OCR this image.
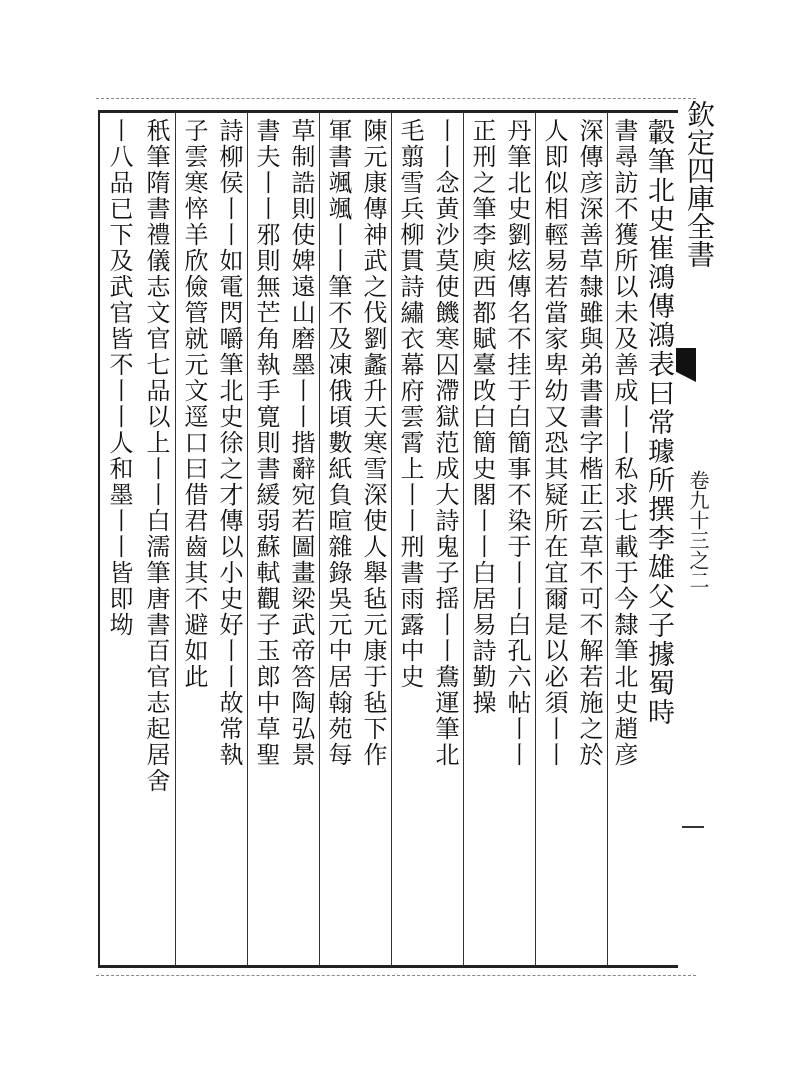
欽定四庫全書
卷九十三之二
轂筆北史崔鴻傳鴻表曰常璩所撰李雄父子據蜀時
書尋訪不獲所以未及善成丨丨私求七載于今隸筆北史趙彦
深傳彦深善草隸雖與弟書書字楷正云草不可不解若施之於
人即似相輕易若當家卑幼又恐其疑所在宜爾是以必須丨丨
丹筆北史劉炫傳名不挂于白簡事不染于丨丨白孔六帖丨丨
正刑之筆李庾西都賦臺攺白簡史閣丨丨白居易詩勤操
丨丨念黄沙莫使饑寒囚滯獄范成大詩鬼子揺丨丨鴦運筆北
毛翦雪兵柳貫詩繡衣幕府雲霄上丨丨刑書雨露中史
陳元康傳神武之伐劉蠡升天寒雪深使人舉毡元康于毡下作
軍書颯颯丨丨筆不及凍俄頃數紙負暄雜錄吳元中居翰苑每
草制誥則使婢遠山磨墨丨丨揩辭宛若圖畫梁武帝答陶弘景
書夫丨丨邪則無芒角執手寛則書緩弱蘇軾觀子玉郎中草聖
詩柳侯丨丨如電閃嚼筆北史徐之才傳以小史好丨丨故常執
子雲寒悴羊欣儉管就元文逕口曰借君齒其不避如此
秖筆隋書禮儀志文官七品以上丨丨白濡筆唐書百官志起居舍
丨八品已下及武官皆不丨丨人和墨丨丨皆即坳
